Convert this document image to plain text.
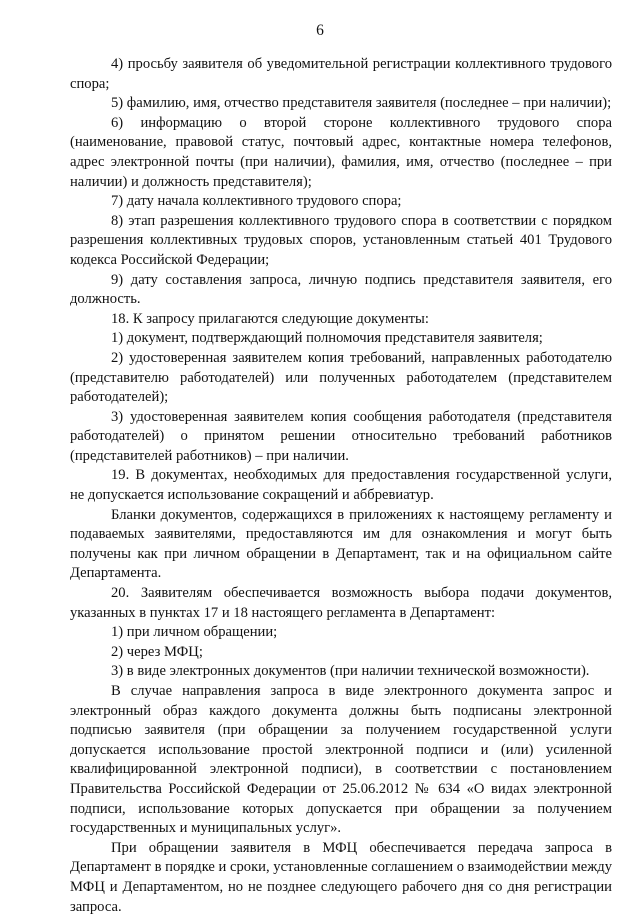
6

4) просьбу заявителя об уведомительной регистрации коллективного трудового спора;

5) фамилию, имя, отчество представителя заявителя (последнее – при наличии);

6) информацию о второй стороне коллективного трудового спора (наименование, правовой статус, почтовый адрес, контактные номера телефонов, адрес электронной почты (при наличии), фамилия, имя, отчество (последнее – при наличии) и должность представителя);

7) дату начала коллективного трудового спора;

8) этап разрешения коллективного трудового спора в соответствии с порядком разрешения коллективных трудовых споров, установленным статьей 401 Трудового кодекса Российской Федерации;

9) дату составления запроса, личную подпись представителя заявителя, его должность.

18. К запросу прилагаются следующие документы:

1) документ, подтверждающий полномочия представителя заявителя;

2) удостоверенная заявителем копия требований, направленных работодателю (представителю работодателей) или полученных работодателем (представителем работодателей);

3) удостоверенная заявителем копия сообщения работодателя (представителя работодателей) о принятом решении относительно требований работников (представителей работников) – при наличии.

19. В документах, необходимых для предоставления государственной услуги, не допускается использование сокращений и аббревиатур.

Бланки документов, содержащихся в приложениях к настоящему регламенту и подаваемых заявителями, предоставляются им для ознакомления и могут быть получены как при личном обращении в Департамент, так и на официальном сайте Департамента.

20. Заявителям обеспечивается возможность выбора подачи документов, указанных в пунктах 17 и 18 настоящего регламента в Департамент:

1) при личном обращении;

2) через МФЦ;

3) в виде электронных документов (при наличии технической возможности).

В случае направления запроса в виде электронного документа запрос и электронный образ каждого документа должны быть подписаны электронной подписью заявителя (при обращении за получением государственной услуги допускается использование простой электронной подписи и (или) усиленной квалифицированной электронной подписи), в соответствии с постановлением Правительства Российской Федерации от 25.06.2012 № 634 «О видах электронной подписи, использование которых допускается при обращении за получением государственных и муниципальных услуг».

При обращении заявителя в МФЦ обеспечивается передача запроса в Департамент в порядке и сроки, установленные соглашением о взаимодействии между МФЦ и Департаментом, но не позднее следующего рабочего дня со дня регистрации запроса.
